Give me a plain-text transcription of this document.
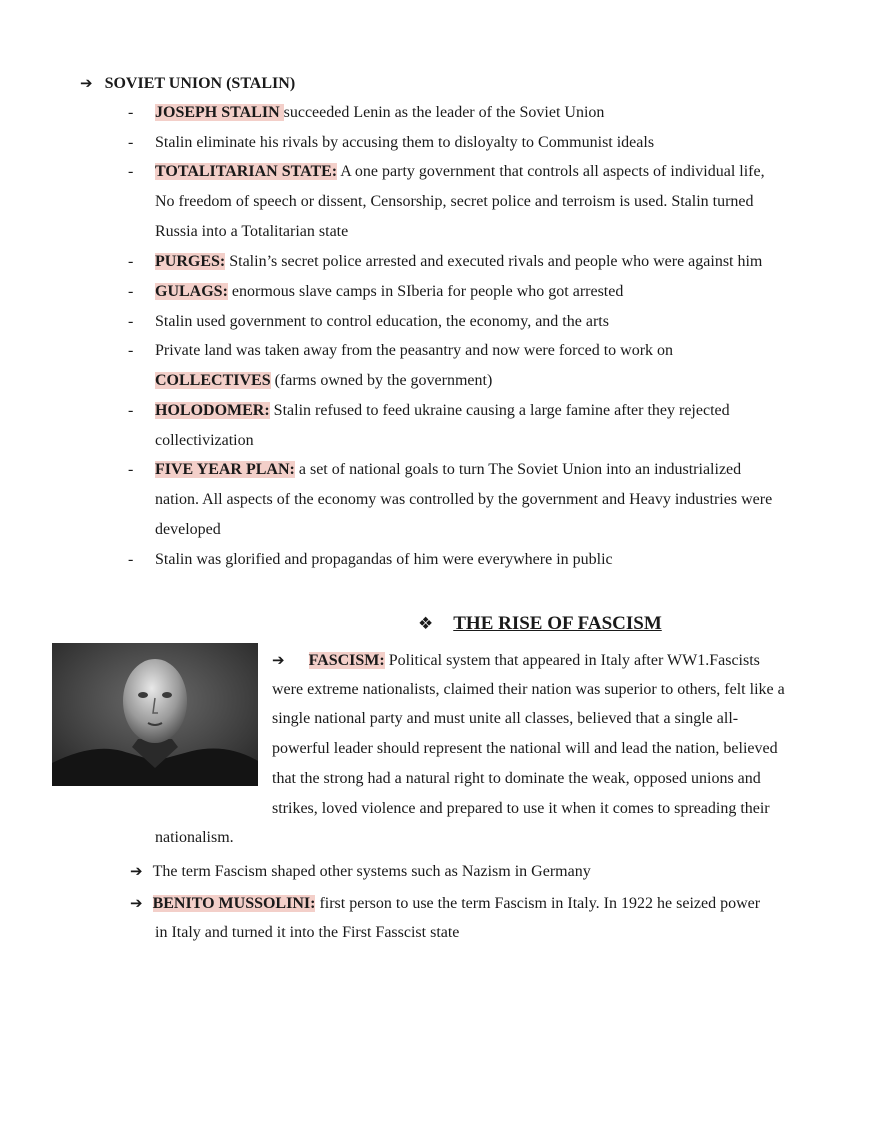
➔ SOVIET UNION (STALIN)
-
-
-
-
-
-
-
-
-
-
JOSEPH STALIN succeeded Lenin as the leader of the Soviet Union
Stalin eliminate his rivals by accusing them to disloyalty to Communist ideals
TOTALITARIAN STATE: A one party government that controls all aspects of individual life,
No freedom of speech or dissent, Censorship, secret police and terroism is used. Stalin turned
Russia into a Totalitarian state
PURGES: Stalin’s secret police arrested and executed rivals and people who were against him
GULAGS: enormous slave camps in SIberia for people who got arrested
Stalin used government to control education, the economy, and the arts
Private land was taken away from the peasantry and now were forced to work on
COLLECTIVES (farms owned by the government)
HOLODOMER: Stalin refused to feed ukraine causing a large famine after they rejected
collectivization
FIVE YEAR PLAN: a set of national goals to turn The Soviet Union into an industrialized
nation. All aspects of the economy was controlled by the government and Heavy industries were
developed
Stalin was glorified and propagandas of him were everywhere in public
❖ THE RISE OF FASCISM
➔ FASCISM: Political system that appeared in Italy after WW1.Fascists
were extreme nationalists, claimed their nation was superior to others, felt like a
single national party and must unite all classes, believed that a single all-
powerful leader should represent the national will and lead the nation, believed
that the strong had a natural right to dominate the weak, opposed unions and
strikes, loved violence and prepared to use it when it comes to spreading their
nationalism.
➔ The term Fascism shaped other systems such as Nazism in Germany
➔ BENITO MUSSOLINI: first person to use the term Fascism in Italy. In 1922 he seized power
in Italy and turned it into the First Fasscist state
